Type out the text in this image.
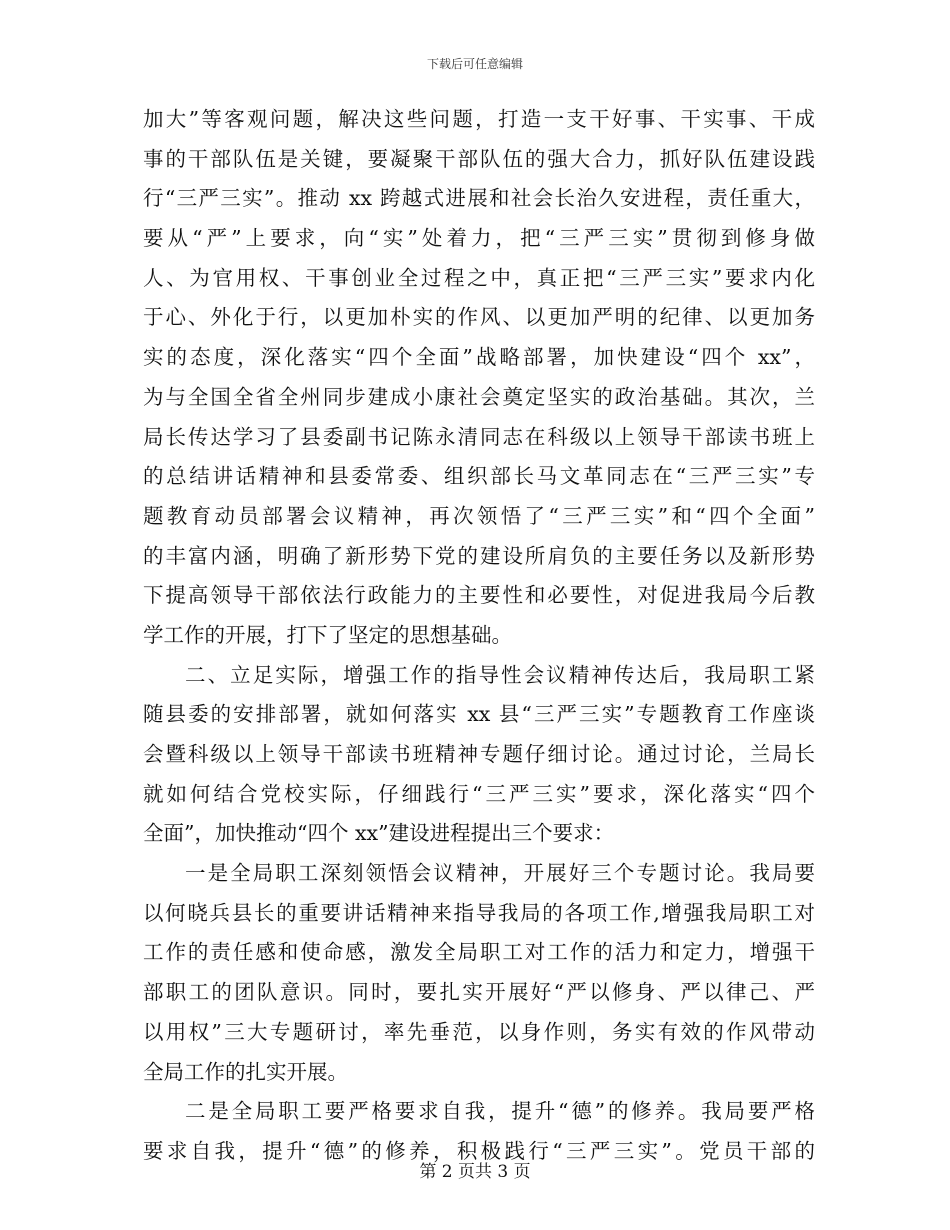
下载后可任意编辑
加大”等客观问题，解决这些问题，打造一支干好事、干实事、干成
事的干部队伍是关键，要凝聚干部队伍的强大合力，抓好队伍建设践
行“三严三实”。推动 xx 跨越式进展和社会长治久安进程，责任重大，
要从“严”上要求，向“实”处着力，把“三严三实”贯彻到修身做
人、为官用权、干事创业全过程之中，真正把“三严三实”要求内化
于心、外化于行，以更加朴实的作风、以更加严明的纪律、以更加务
实的态度，深化落实“四个全面”战略部署，加快建设“四个 xx”，
为与全国全省全州同步建成小康社会奠定坚实的政治基础。其次，兰
局长传达学习了县委副书记陈永清同志在科级以上领导干部读书班上
的总结讲话精神和县委常委、组织部长马文革同志在“三严三实”专
题教育动员部署会议精神，再次领悟了“三严三实”和“四个全面”
的丰富内涵，明确了新形势下党的建设所肩负的主要任务以及新形势
下提高领导干部依法行政能力的主要性和必要性，对促进我局今后教
学工作的开展，打下了坚定的思想基础。
二、立足实际，增强工作的指导性会议精神传达后，我局职工紧
随县委的安排部署，就如何落实 xx 县“三严三实”专题教育工作座谈
会暨科级以上领导干部读书班精神专题仔细讨论。通过讨论，兰局长
就如何结合党校实际，仔细践行“三严三实”要求，深化落实“四个
全面”，加快推动“四个 xx”建设进程提出三个要求：
一是全局职工深刻领悟会议精神，开展好三个专题讨论。我局要
以何晓兵县长的重要讲话精神来指导我局的各项工作,增强我局职工对
工作的责任感和使命感，激发全局职工对工作的活力和定力，增强干
部职工的团队意识。同时，要扎实开展好“严以修身、严以律己、严
以用权”三大专题研讨，率先垂范，以身作则，务实有效的作风带动
全局工作的扎实开展。
二是全局职工要严格要求自我，提升“德”的修养。我局要严格
要求自我，提升“德”的修养，积极践行“三严三实”。党员干部的
第 2 页共 3 页
